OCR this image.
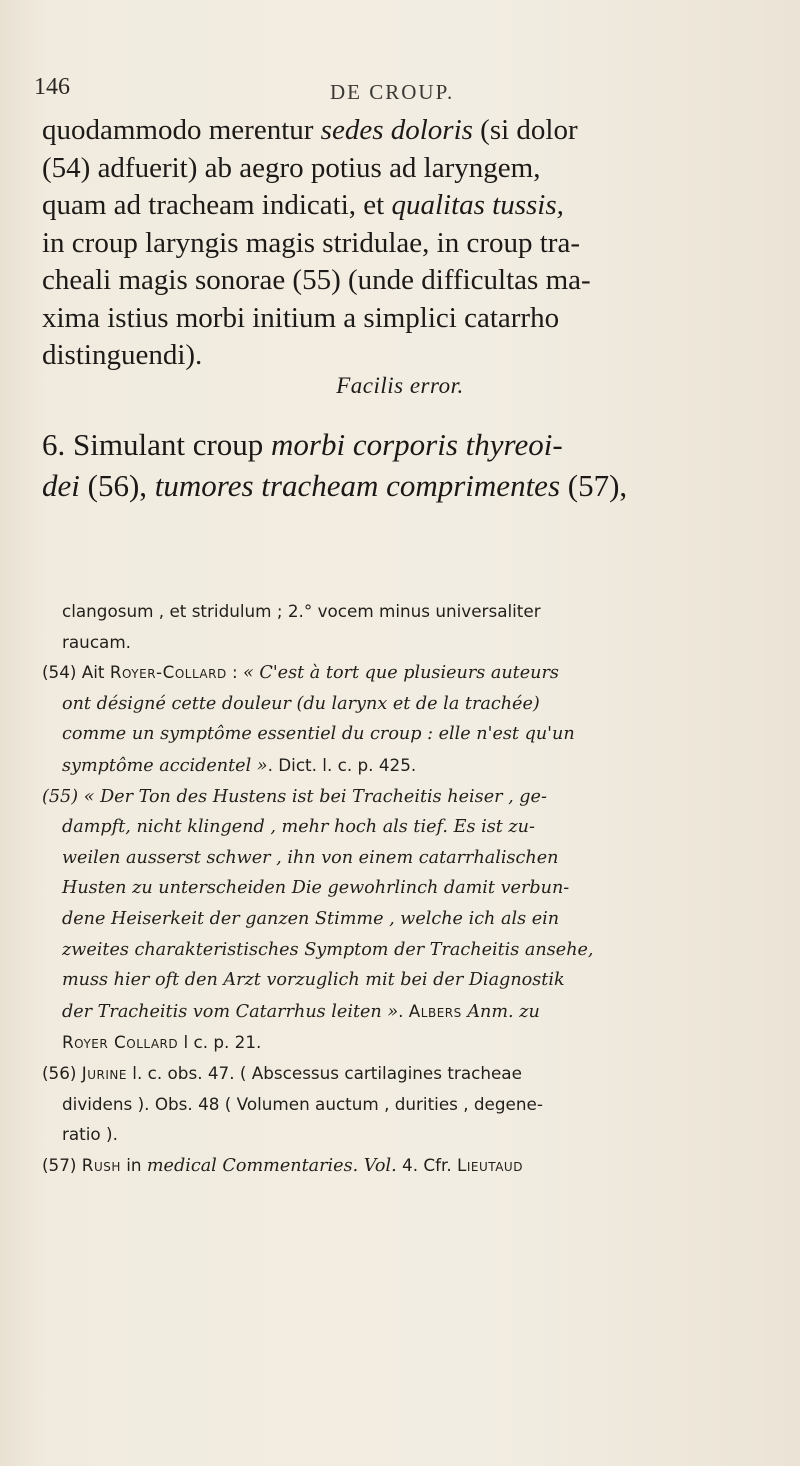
146	DE CROUP.
quodammodo merentur sedes doloris (si dolor
(54) adfuerit) ab aegro potius ad laryngem,
quam ad tracheam indicati, et qualitas tussis,
in croup laryngis magis stridulae, in croup tra-
cheali magis sonorae (55) (unde difficultas ma-
xima istius morbi initium a simplici catarrho
distinguendi).
Facilis error.
6. Simulant croup morbi corporis thyreoi-
dei (56), tumores tracheam comprimentes (57),
clangosum , et stridulum ; 2.° vocem minus universaliter
raucam.
(54) Ait Royer-Collard : « C'est à tort que plusieurs auteurs
ont désigné cette douleur (du larynx et de la trachée)
comme un symptôme essentiel du croup : elle n'est qu'un
symptôme accidentel ». Dict. l. c. p. 425.
(55) « Der Ton des Hustens ist bei Tracheitis heiser , ge-
dampft, nicht klingend , mehr hoch als tief. Es ist zu-
weilen ausserst schwer , ihn von einem catarrhalischen
Husten zu unterscheiden Die gewohrlinch damit verbun-
dene Heiserkeit der ganzen Stimme , welche ich als ein
zweites charakteristisches Symptom der Tracheitis ansehe,
muss hier oft den Arzt vorzuglich mit bei der Diagnostik
der Tracheitis vom Catarrhus leiten ». Albers Anm. zu
Royer Collard l c. p. 21.
(56) Jurine l. c. obs. 47. ( Abscessus cartilagines tracheae
dividens ). Obs. 48 ( Volumen auctum , durities , degene-
ratio ).
(57) Rush in medical Commentaries. Vol. 4. Cfr. Lieutaud
